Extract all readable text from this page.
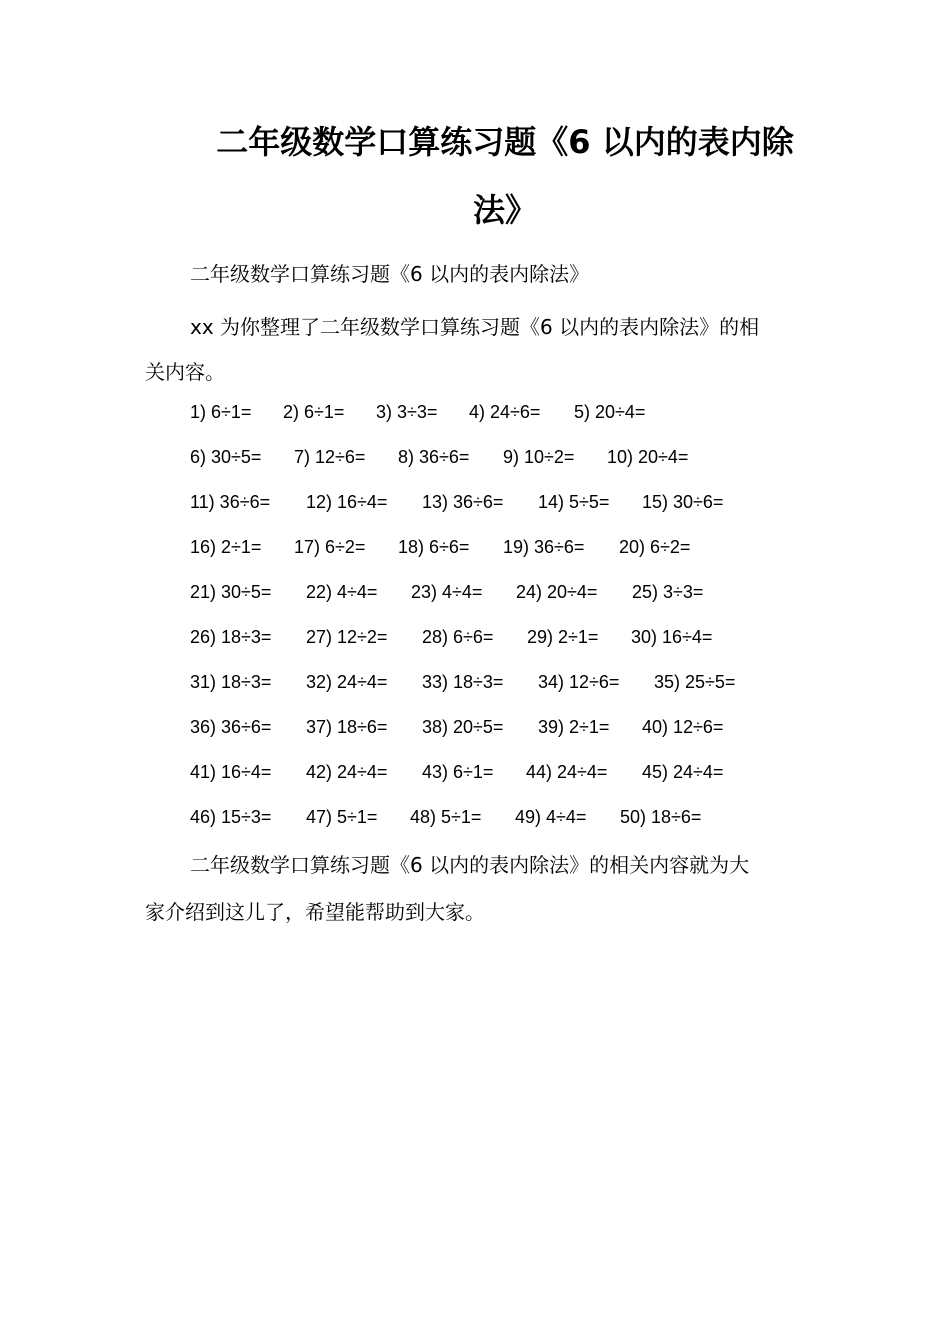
二年级数学口算练习题《6 以内的表内除
法》

二年级数学口算练习题《6 以内的表内除法》

xx 为你整理了二年级数学口算练习题《6 以内的表内除法》的相

关内容。

1) 6÷1=	2) 6÷1=	3) 3÷3=	4) 24÷6=	5) 20÷4=
6) 30÷5=	7) 12÷6=	8) 36÷6=	9) 10÷2=	10) 20÷4=
11) 36÷6=	12) 16÷4=	13) 36÷6=	14) 5÷5=	15) 30÷6=
16) 2÷1=	17) 6÷2=	18) 6÷6=	19) 36÷6=	20) 6÷2=
21) 30÷5=	22) 4÷4=	23) 4÷4=	24) 20÷4=	25) 3÷3=
26) 18÷3=	27) 12÷2=	28) 6÷6=	29) 2÷1=	30) 16÷4=
31) 18÷3=	32) 24÷4=	33) 18÷3=	34) 12÷6=	35) 25÷5=
36) 36÷6=	37) 18÷6=	38) 20÷5=	39) 2÷1=	40) 12÷6=
41) 16÷4=	42) 24÷4=	43) 6÷1=	44) 24÷4=	45) 24÷4=
46) 15÷3=	47) 5÷1=	48) 5÷1=	49) 4÷4=	50) 18÷6=

二年级数学口算练习题《6 以内的表内除法》的相关内容就为大

家介绍到这儿了，希望能帮助到大家。
